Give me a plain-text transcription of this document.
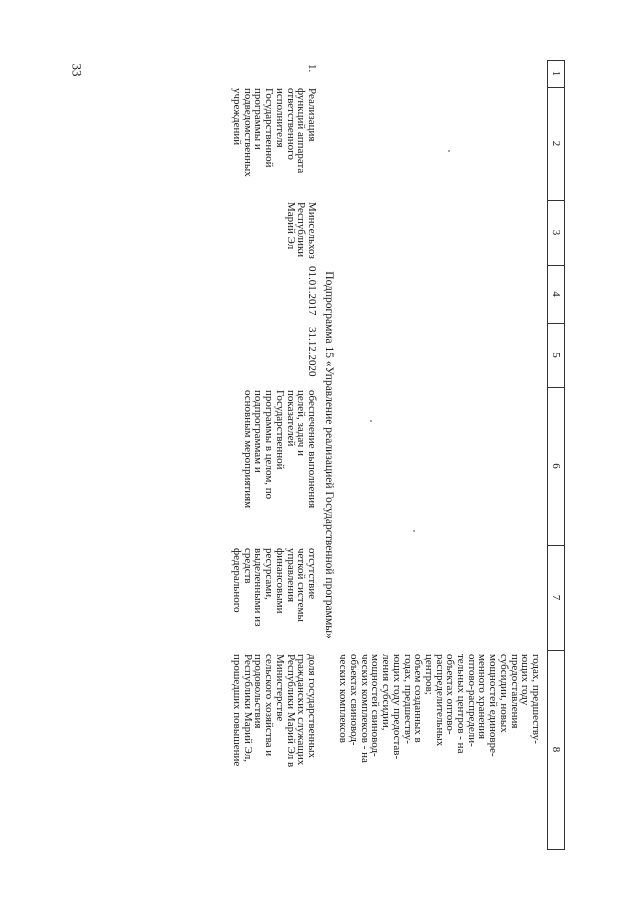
33	1
2
3
4
5
6
7
8
годах, предшеству-
ющих году
предоставления
субсидии, новых
мощностей единовре-
менного хранения
оптово-распредели-
тельных центров - на
объектах оптово-
распределительных
центров;
объем созданных в
годах, предшеству-
ющих году предостав-
ления субсидии,
мощностей свиновод-
ческих комплексов - на
объектах свиновод-
ческих комплексов
Подпрограмма 15 «Управление реализацией Государственной программы»
1.
Реализация
функций аппарата
ответственного
исполнителя
Государственной
программы и
подведомственных
учреждений
Минсельхоз
Республики
Марий Эл
01.01.2017
31.12.2020
обеспечение выполнения
целей, задач и
показателей
Государственной
программы в целом, по
подпрограммам и
основным мероприятиям
отсутствие
четкой системы
управления
финансовыми
ресурсами,
выделенными из
средств
федерального
доля государственных
гражданских служащих
Республики Марий Эл в
Министерстве
сельского хозяйства и
продовольствия
Республики Марий Эл,
прошедших повышение
